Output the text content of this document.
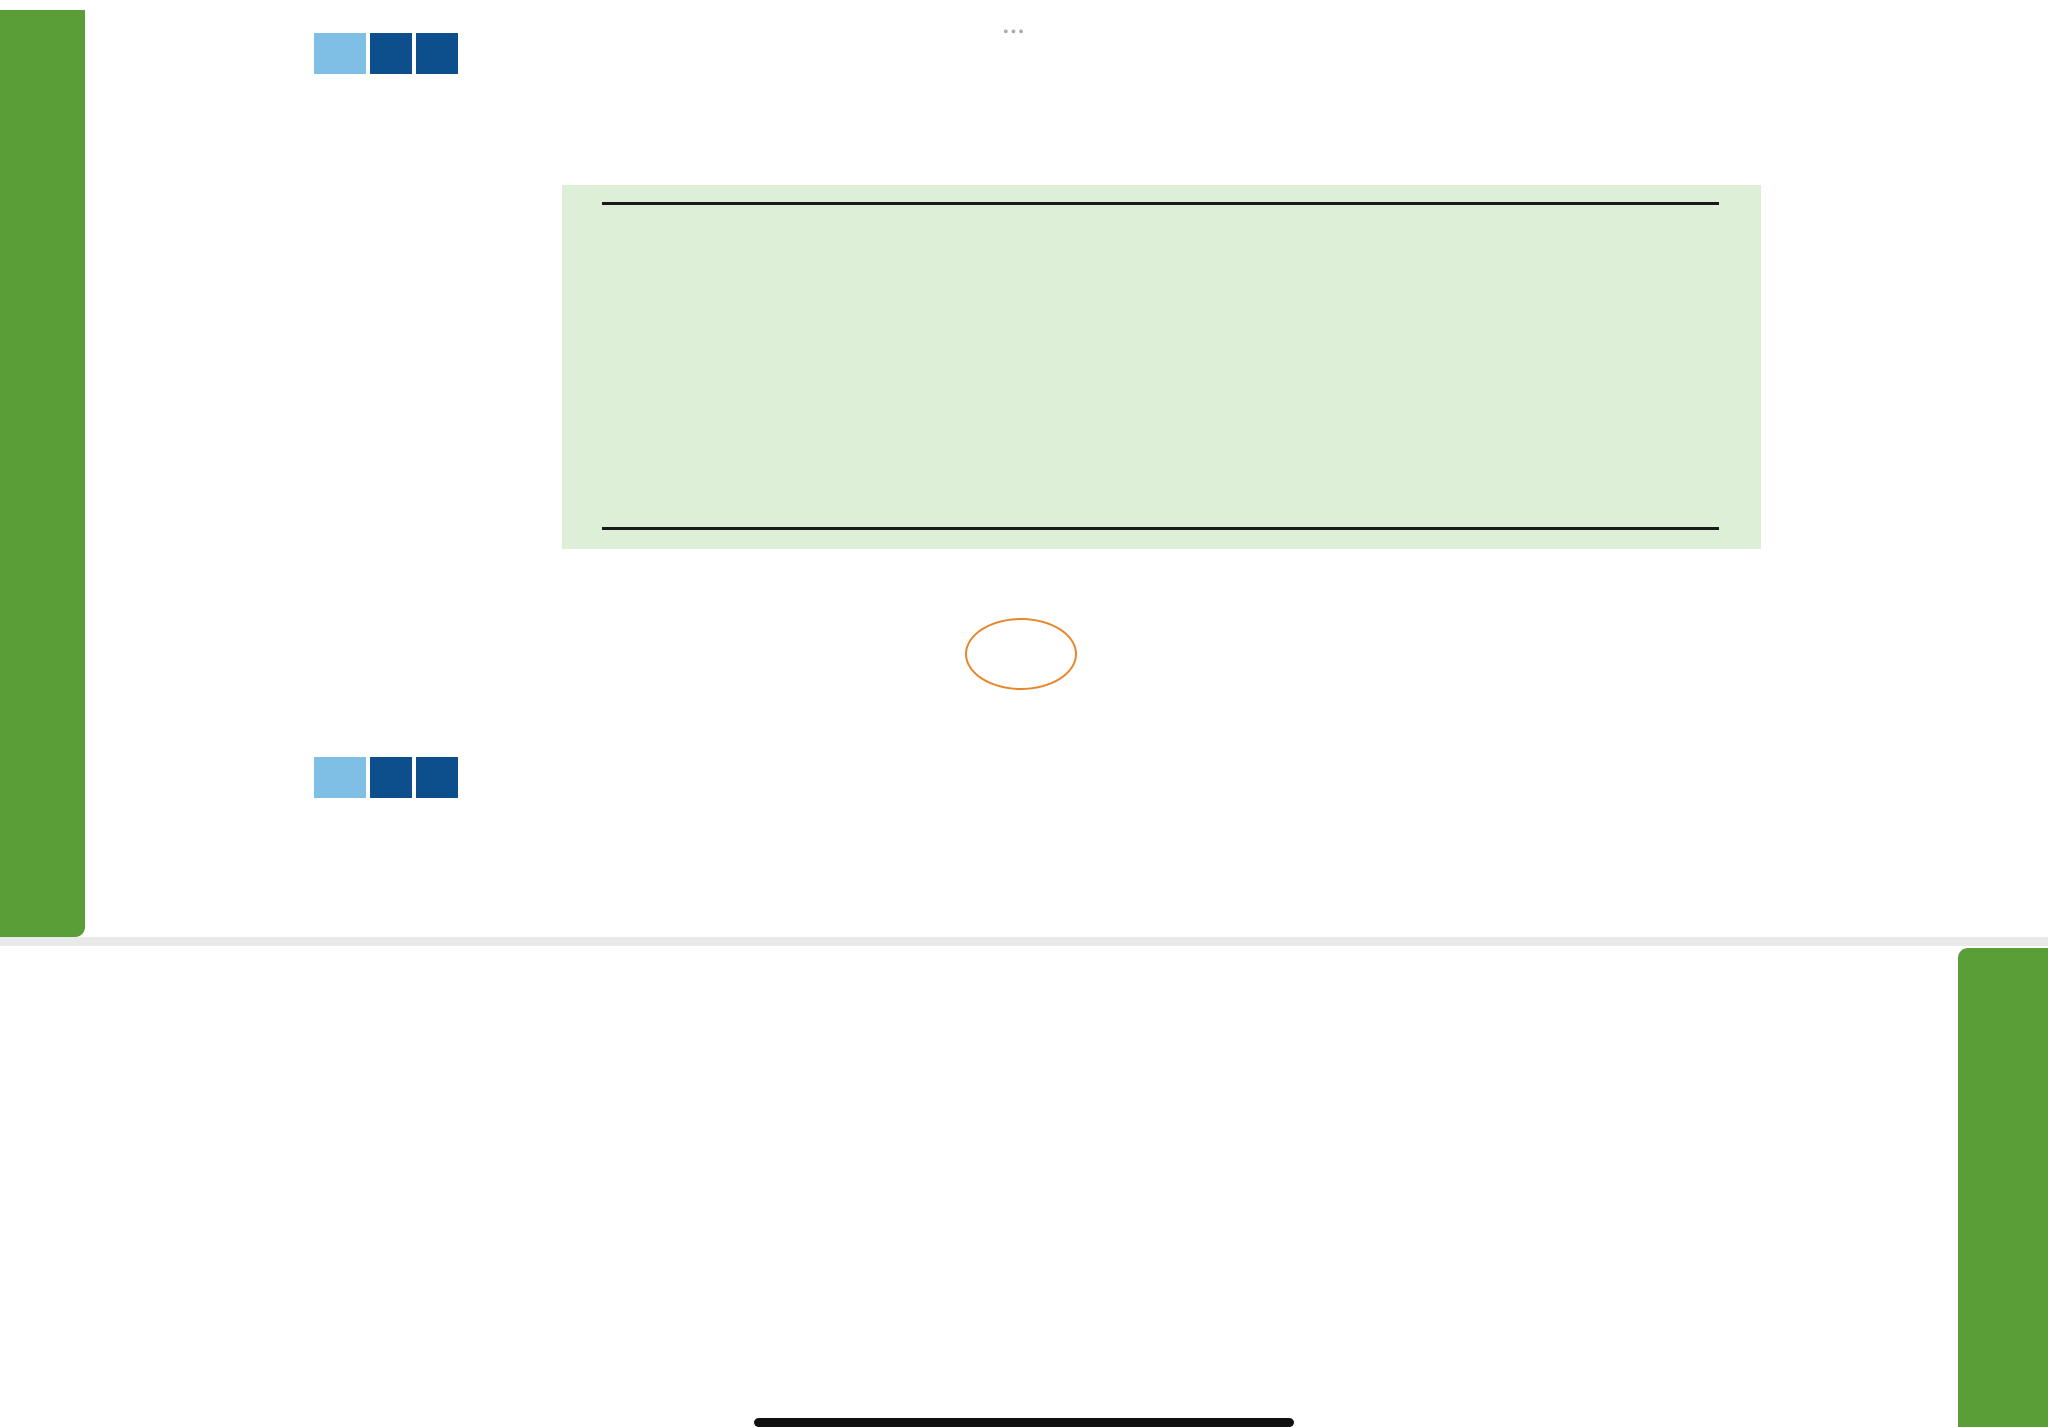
•••
